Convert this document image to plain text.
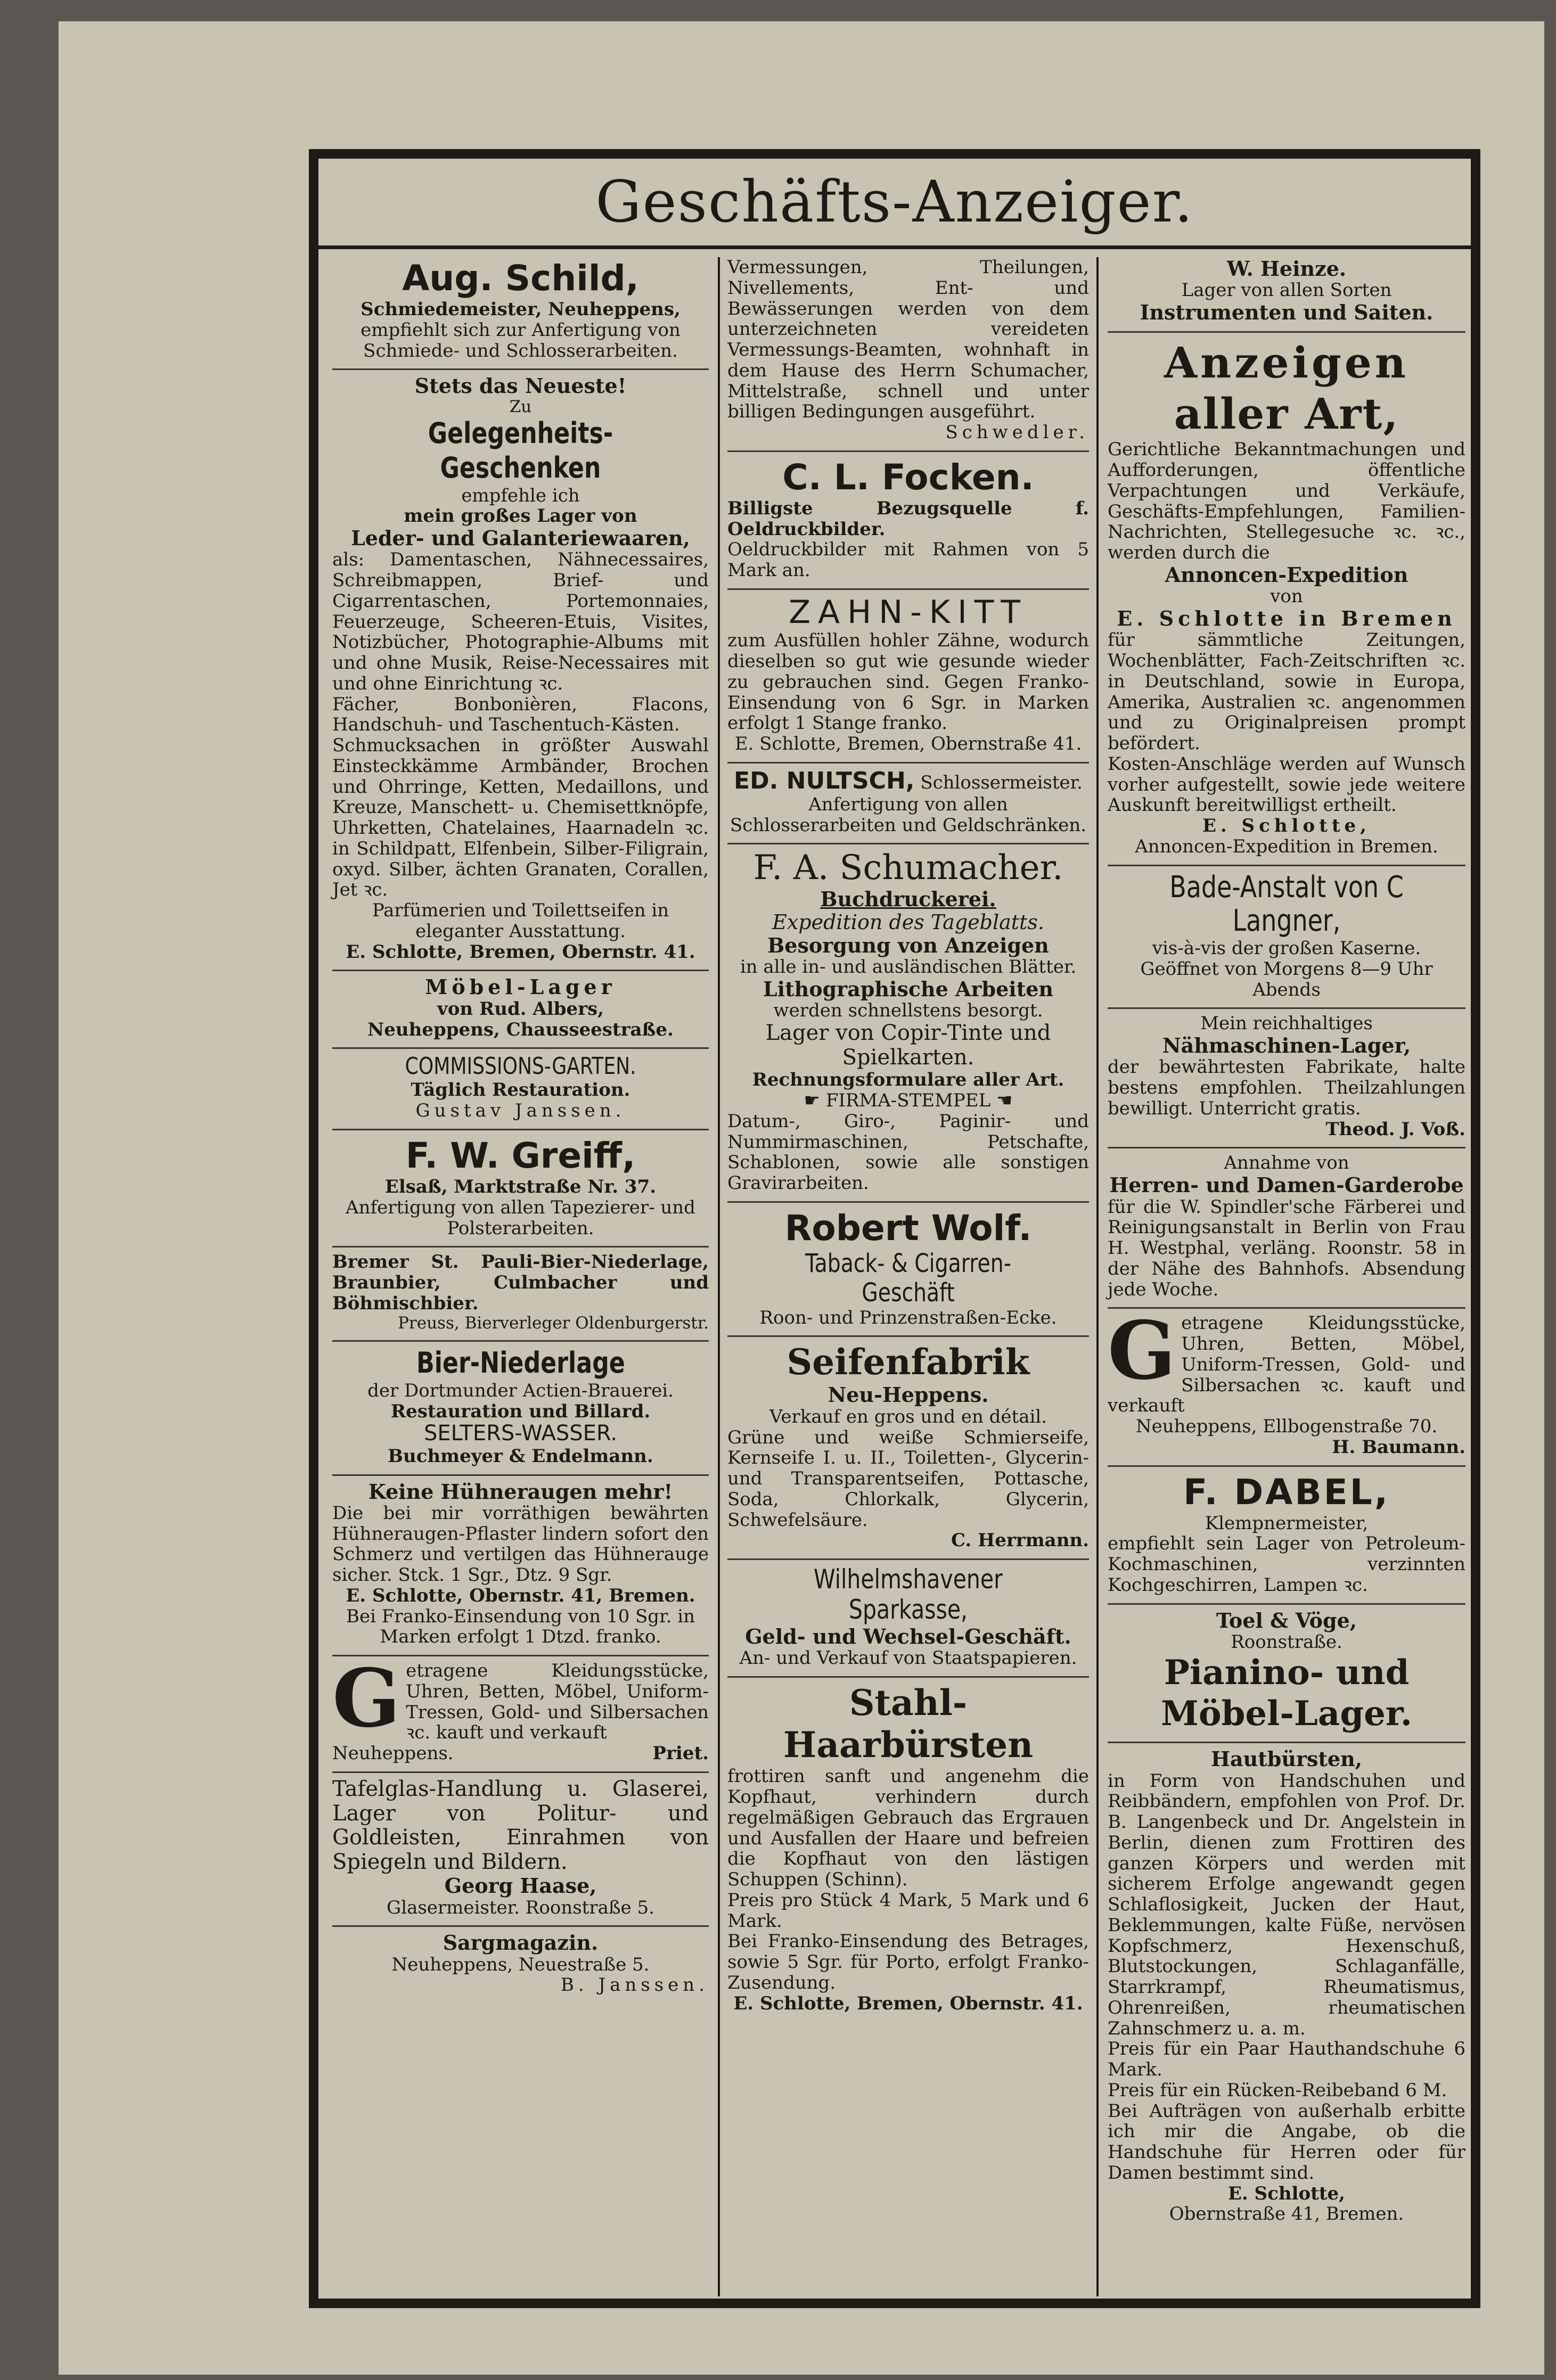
Geschäfts-Anzeiger.

Aug. Schild,

Schmiedemeister, Neuheppens,

empfiehlt sich zur Anfertigung von Schmiede- und Schlosserarbeiten.

Stets das Neueste!

Zu

Gelegenheits-Geschenken

empfehle ich

mein großes Lager von

Leder- und Galanteriewaaren,

als: Damentaschen, Nähnecessaires, Schreibmappen, Brief- und Cigarrentaschen, Portemonnaies, Feuerzeuge, Scheeren-Etuis, Visites, Notizbücher, Photographie-Albums mit und ohne Musik, Reise-Necessaires mit und ohne Einrichtung ꝛc.

Fächer, Bonbonièren, Flacons, Handschuh- und Taschentuch-Kästen.

Schmucksachen in größter Auswahl Einsteckkämme Armbänder, Brochen und Ohrringe, Ketten, Medaillons, und Kreuze, Manschett- u. Chemisettknöpfe, Uhrketten, Chatelaines, Haarnadeln ꝛc. in Schildpatt, Elfenbein, Silber-Filigrain, oxyd. Silber, ächten Granaten, Corallen, Jet ꝛc.

Parfümerien und Toilettseifen in eleganter Ausstattung.

E. Schlotte, Bremen, Obernstr. 41.

Möbel-Lager

von Rud. Albers,

Neuheppens, Chausseestraße.

COMMISSIONS-GARTEN.

Täglich Restauration.

Gustav Janssen.

F. W. Greiff,

Elsaß, Marktstraße Nr. 37.

Anfertigung von allen Tapezierer- und Polsterarbeiten.

Bremer St. Pauli-Bier-Niederlage, Braunbier, Culmbacher und Böhmischbier.

Preuss, Bierverleger Oldenburgerstr.

Bier-Niederlage

der Dortmunder Actien-Brauerei.

Restauration und Billard.

SELTERS-WASSER.

Buchmeyer & Endelmann.

Keine Hühneraugen mehr!

Die bei mir vorräthigen bewährten Hühneraugen-Pflaster lindern sofort den Schmerz und vertilgen das Hühnerauge sicher. Stck. 1 Sgr., Dtz. 9 Sgr.

E. Schlotte, Obernstr. 41, Bremen.

Bei Franko-Einsendung von 10 Sgr. in Marken erfolgt 1 Dtzd. franko.

Getragene Kleidungsstücke, Uhren, Betten, Möbel, Uniform-Tressen, Gold- und Silbersachen ꝛc. kauft und verkauft

Neuheppens.	Priet.

Tafelglas-Handlung u. Glaserei, Lager von Politur- und Goldleisten, Einrahmen von Spiegeln und Bildern.

Georg Haase,

Glasermeister. Roonstraße 5.

Sargmagazin.

Neuheppens, Neuestraße 5.

B. Janssen.

Vermessungen, Theilungen, Nivellements, Ent- und Bewässerungen werden von dem unterzeichneten vereideten Vermessungs-Beamten, wohnhaft in dem Hause des Herrn Schumacher, Mittelstraße, schnell und unter billigen Bedingungen ausgeführt.

Schwedler.

C. L. Focken.

Billigste Bezugsquelle f. Oeldruckbilder.

Oeldruckbilder mit Rahmen von 5 Mark an.

ZAHN-KITT

zum Ausfüllen hohler Zähne, wodurch dieselben so gut wie gesunde wieder zu gebrauchen sind. Gegen Franko-Einsendung von 6 Sgr. in Marken erfolgt 1 Stange franko.

E. Schlotte, Bremen, Obernstraße 41.

ED. NULTSCH, Schlossermeister.

Anfertigung von allen Schlosserarbeiten und Geldschränken.

F. A. Schumacher.

Buchdruckerei.

Expedition des Tageblatts.

Besorgung von Anzeigen

in alle in- und ausländischen Blätter.

Lithographische Arbeiten

werden schnellstens besorgt.

Lager von Copir-Tinte und Spielkarten.

Rechnungsformulare aller Art.

☛ FIRMA-STEMPEL ☚

Datum-, Giro-, Paginir- und Nummirmaschinen, Petschafte, Schablonen, sowie alle sonstigen Gravirarbeiten.

Robert Wolf.

Taback- & Cigarren-Geschäft

Roon- und Prinzenstraßen-Ecke.

Seifenfabrik

Neu-Heppens.

Verkauf en gros und en détail.

Grüne und weiße Schmierseife, Kernseife I. u. II., Toiletten-, Glycerin- und Transparentseifen, Pottasche, Soda, Chlorkalk, Glycerin, Schwefelsäure.

C. Herrmann.

Wilhelmshavener Sparkasse,

Geld- und Wechsel-Geschäft.

An- und Verkauf von Staatspapieren.

Stahl-Haarbürsten

frottiren sanft und angenehm die Kopfhaut, verhindern durch regelmäßigen Gebrauch das Ergrauen und Ausfallen der Haare und befreien die Kopfhaut von den lästigen Schuppen (Schinn).

Preis pro Stück 4 Mark, 5 Mark und 6 Mark.

Bei Franko-Einsendung des Betrages, sowie 5 Sgr. für Porto, erfolgt Franko-Zusendung.

E. Schlotte, Bremen, Obernstr. 41.

W. Heinze.

Lager von allen Sorten

Instrumenten und Saiten.

Anzeigen

aller Art,

Gerichtliche Bekanntmachungen und Aufforderungen, öffentliche Verpachtungen und Verkäufe, Geschäfts-Empfehlungen, Familien-Nachrichten, Stellegesuche ꝛc. ꝛc., werden durch die

Annoncen-Expedition

von

E. Schlotte in Bremen

für sämmtliche Zeitungen, Wochenblätter, Fach-Zeitschriften ꝛc. in Deutschland, sowie in Europa, Amerika, Australien ꝛc. angenommen und zu Originalpreisen prompt befördert.

Kosten-Anschläge werden auf Wunsch vorher aufgestellt, sowie jede weitere Auskunft bereitwilligst ertheilt.

E. Schlotte,

Annoncen-Expedition in Bremen.

Bade-Anstalt von C Langner,

vis-à-vis der großen Kaserne.

Geöffnet von Morgens 8—9 Uhr Abends

Mein reichhaltiges

Nähmaschinen-Lager,

der bewährtesten Fabrikate, halte bestens empfohlen. Theilzahlungen bewilligt. Unterricht gratis.

Theod. J. Voß.

Annahme von

Herren- und Damen-Garderobe

für die W. Spindler'sche Färberei und Reinigungsanstalt in Berlin von Frau H. Westphal, verläng. Roonstr. 58 in der Nähe des Bahnhofs. Absendung jede Woche.

Getragene Kleidungsstücke, Uhren, Betten, Möbel, Uniform-Tressen, Gold- und Silbersachen ꝛc. kauft und verkauft

Neuheppens, Ellbogenstraße 70.

H. Baumann.

F. DABEL, Klempnermeister,

empfiehlt sein Lager von Petroleum-Kochmaschinen, verzinnten Kochgeschirren, Lampen ꝛc.

Toel & Vöge,

Roonstraße.

Pianino- und Möbel-Lager.

Hautbürsten,

in Form von Handschuhen und Reibbändern, empfohlen von Prof. Dr. B. Langenbeck und Dr. Angelstein in Berlin, dienen zum Frottiren des ganzen Körpers und werden mit sicherem Erfolge angewandt gegen Schlaflosigkeit, Jucken der Haut, Beklemmungen, kalte Füße, nervösen Kopfschmerz, Hexenschuß, Blutstockungen, Schlaganfälle, Starrkrampf, Rheumatismus, Ohrenreißen, rheumatischen Zahnschmerz u. a. m.

Preis für ein Paar Hauthandschuhe 6 Mark.

Preis für ein Rücken-Reibeband 6 M.

Bei Aufträgen von außerhalb erbitte ich mir die Angabe, ob die Handschuhe für Herren oder für Damen bestimmt sind.

E. Schlotte,

Obernstraße 41, Bremen.
